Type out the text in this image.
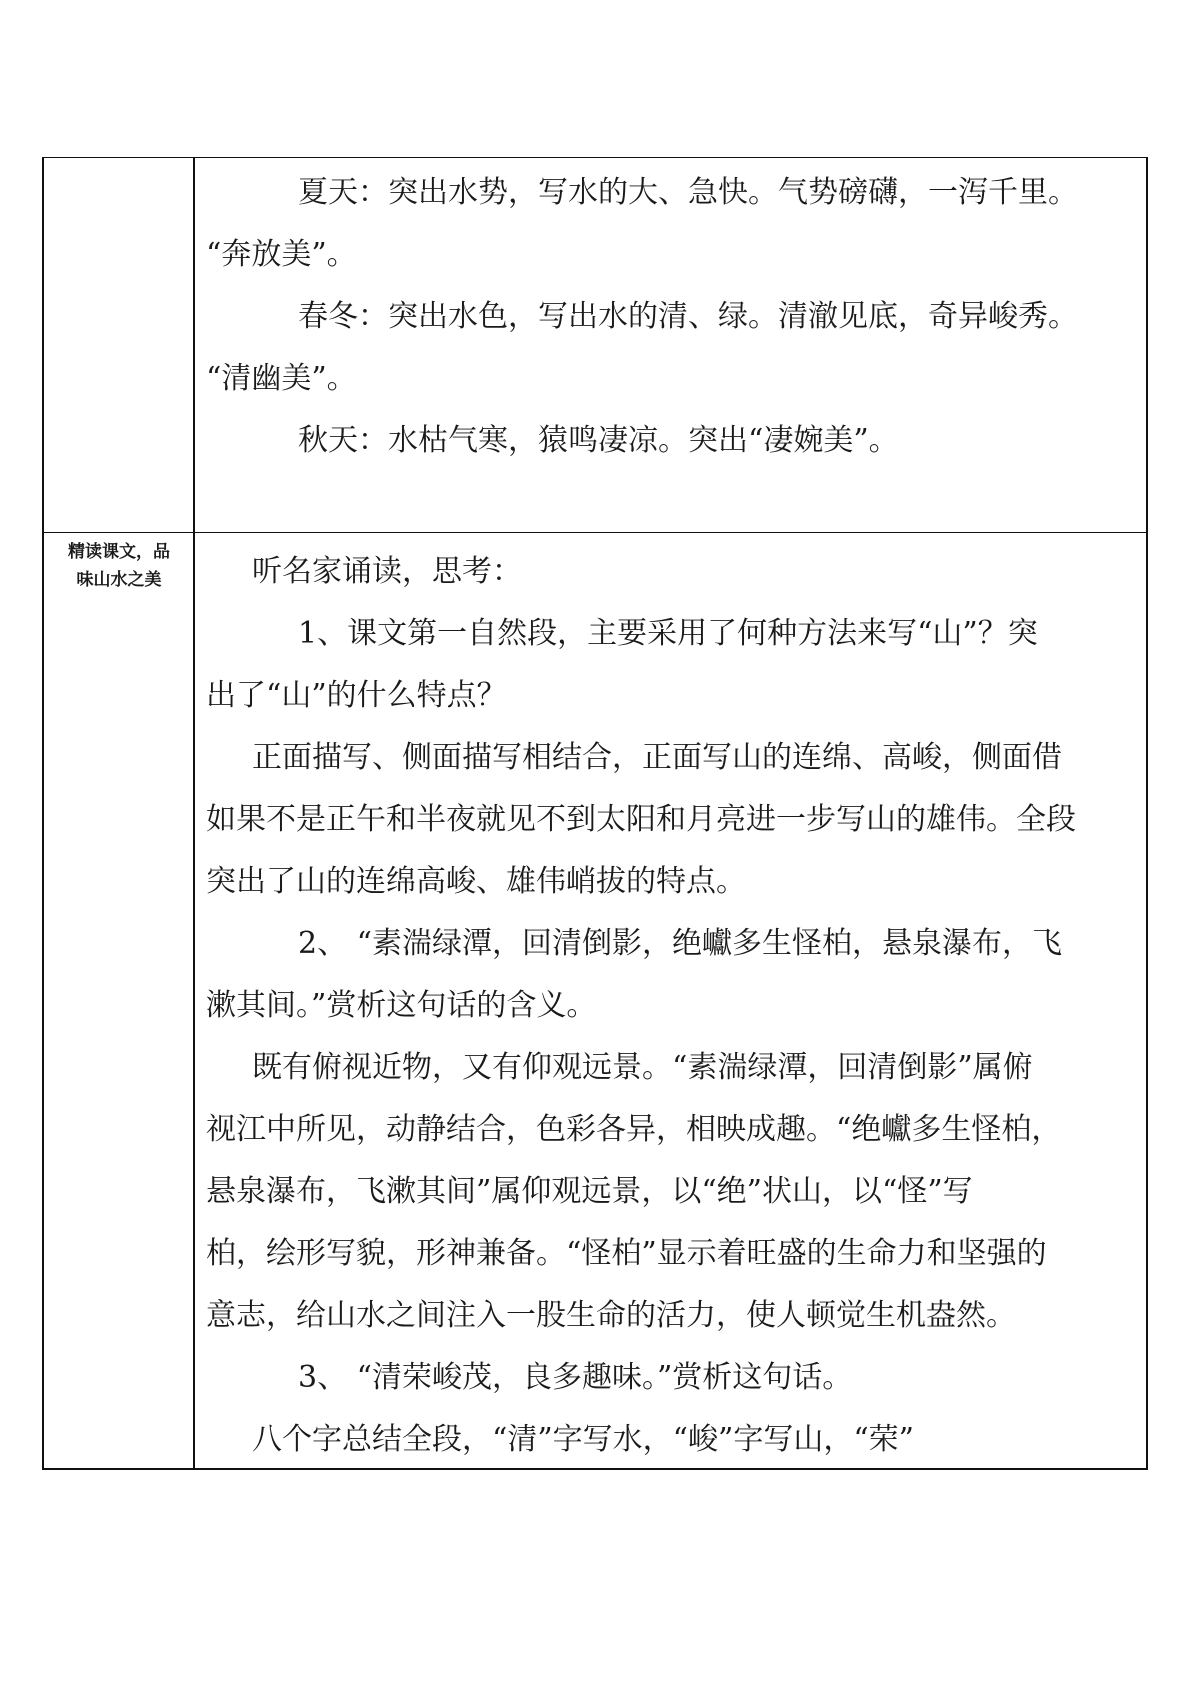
夏天：突出水势，写水的大、急快。气势磅礴，一泻千里。
“奔放美”。
春冬：突出水色，写出水的清、绿。清澈见底，奇异峻秀。
“清幽美”。
秋天：水枯气寒，猿鸣凄凉。突出“凄婉美”。
精读课文，品
味山水之美	听名家诵读，思考：
1、课文第一自然段，主要采用了何种方法来写“山”？突
出了“山”的什么特点？
正面描写、侧面描写相结合，正面写山的连绵、高峻，侧面借
如果不是正午和半夜就见不到太阳和月亮进一步写山的雄伟。全段
突出了山的连绵高峻、雄伟峭拔的特点。
2、 “素湍绿潭，回清倒影，绝巘多生怪柏，悬泉瀑布，飞
漱其间。”赏析这句话的含义。
既有俯视近物，又有仰观远景。“素湍绿潭，回清倒影”属俯
视江中所见，动静结合，色彩各异，相映成趣。“绝巘多生怪柏，
悬泉瀑布，飞漱其间”属仰观远景，以“绝”状山，以“怪”写
柏，绘形写貌，形神兼备。“怪柏”显示着旺盛的生命力和坚强的
意志，给山水之间注入一股生命的活力，使人顿觉生机盎然。
3、 “清荣峻茂，良多趣味。”赏析这句话。
八个字总结全段，“清”字写水，“峻”字写山，“荣”
